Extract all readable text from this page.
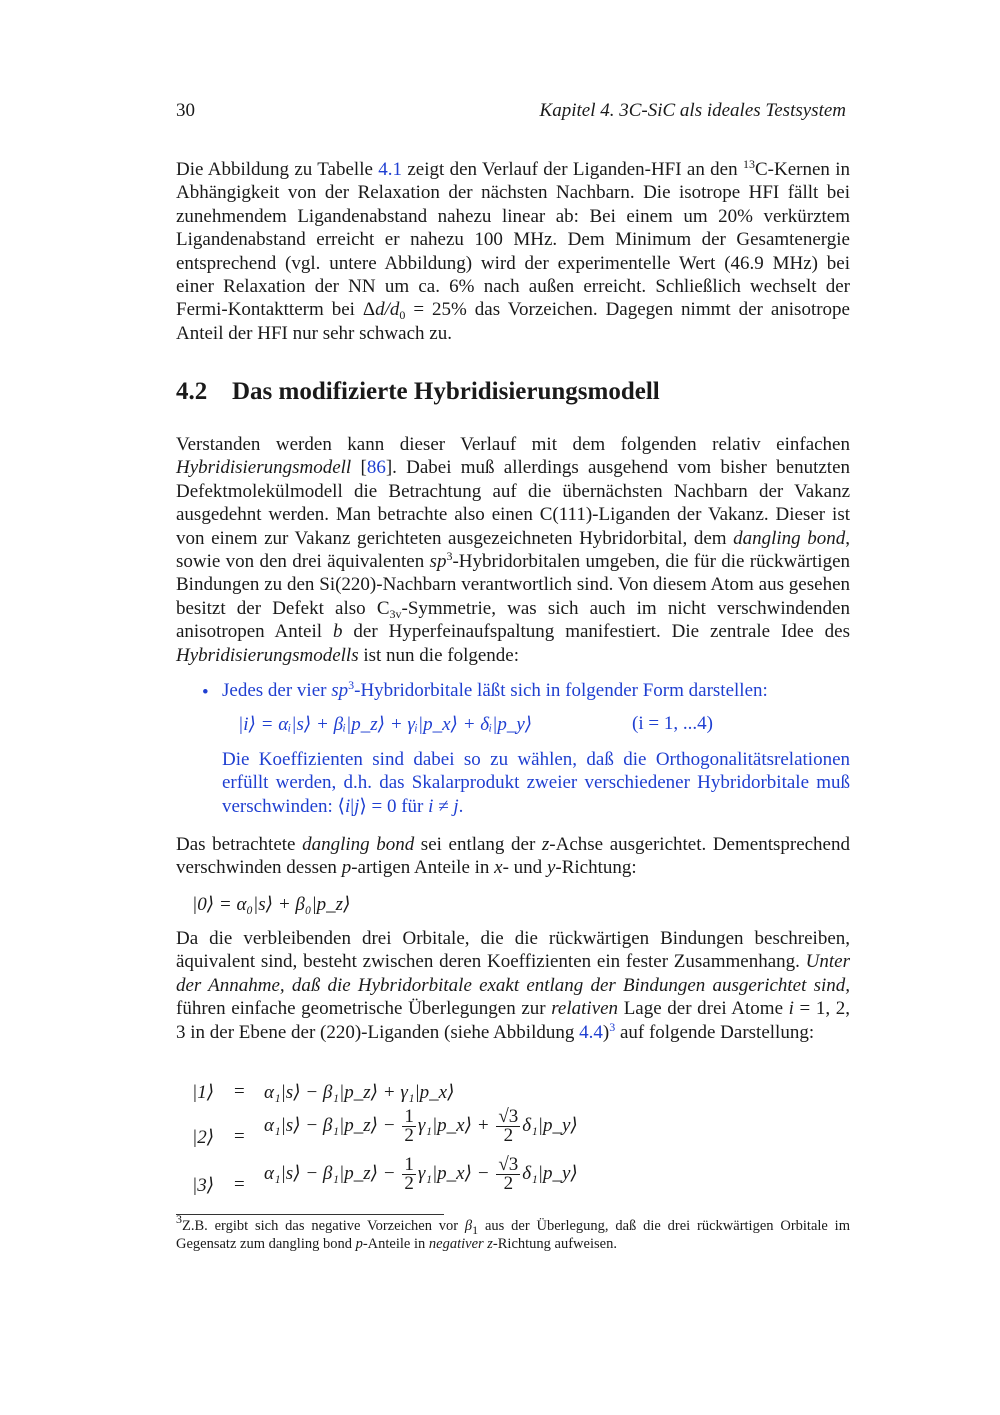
30	Kapitel 4. 3C-SiC als ideales Testsystem

Die Abbildung zu Tabelle 4.1 zeigt den Verlauf der Liganden-HFI an den $^{13}$C-Kernen in Abhängigkeit von der Relaxation der nächsten Nachbarn. Die isotrope HFI fällt bei zunehmendem Ligandenabstand nahezu linear ab: Bei einem um 20% verkürztem Ligandenabstand erreicht er nahezu 100 MHz. Dem Minimum der Gesamtenergie entsprechend (vgl. untere Abbildung) wird der experimentelle Wert (46.9 MHz) bei einer Relaxation der NN um ca. 6% nach außen erreicht. Schließlich wechselt der Fermi-Kontaktterm bei $\Delta d/d_0 = 25\%$ das Vorzeichen. Dagegen nimmt der anisotrope Anteil der HFI nur sehr schwach zu.

4.2 Das modifizierte Hybridisierungsmodell

Verstanden werden kann dieser Verlauf mit dem folgenden relativ einfachen Hybridisierungsmodell [86]. Dabei muß allerdings ausgehend vom bisher benutzten Defektmolekülmodell die Betrachtung auf die übernächsten Nachbarn der Vakanz ausgedehnt werden. Man betrachte also einen C(111)-Liganden der Vakanz. Dieser ist von einem zur Vakanz gerichteten ausgezeichneten Hybridorbital, dem dangling bond, sowie von den drei äquivalenten $sp^3$-Hybridorbitalen umgeben, die für die rückwärtigen Bindungen zu den Si(220)-Nachbarn verantwortlich sind. Von diesem Atom aus gesehen besitzt der Defekt also $C_{3v}$-Symmetrie, was sich auch im nicht verschwindenden anisotropen Anteil b der Hyperfeinaufspaltung manifestiert. Die zentrale Idee des Hybridisierungsmodells ist nun die folgende:

• Jedes der vier $sp^3$-Hybridorbitale läßt sich in folgender Form darstellen:
|i⟩ = αᵢ|s⟩ + βᵢ|p_z⟩ + γᵢ|p_x⟩ + δᵢ|p_y⟩	(i = 1, ...4)

Die Koeffizienten sind dabei so zu wählen, daß die Orthogonalitätsrelationen erfüllt werden, d.h. das Skalarprodukt zweier verschiedener Hybridorbitale muß verschwinden: ⟨i|j⟩ = 0 für i ≠ j.

Das betrachtete dangling bond sei entlang der z-Achse ausgerichtet. Dementsprechend verschwinden dessen p-artigen Anteile in x- und y-Richtung:

|0⟩ = α₀|s⟩ + β₀|p_z⟩

Da die verbleibenden drei Orbitale, die die rückwärtigen Bindungen beschreiben, äquivalent sind, besteht zwischen deren Koeffizienten ein fester Zusammenhang. Unter der Annahme, daß die Hybridorbitale exakt entlang der Bindungen ausgerichtet sind, führen einfache geometrische Überlegungen zur relativen Lage der drei Atome i = 1, 2, 3 in der Ebene der (220)-Liganden (siehe Abbildung 4.4)$^3$ auf folgende Darstellung:

|1⟩ = α₁|s⟩ − β₁|p_z⟩ + γ₁|p_x⟩
|2⟩ =
α₁|s⟩ − β₁|p_z⟩ − $\frac{1}{2}$ γ₁|p_x⟩ + $\frac{√3}{2}$ δ₁|p_y⟩
|3⟩ =
α₁|s⟩ − β₁|p_z⟩ − $\frac{1}{2}$ γ₁|p_x⟩ − $\frac{√3}{2}$ δ₁|p_y⟩
$^3$Z.B. ergibt sich das negative Vorzeichen vor $\beta_1$ aus der Überlegung, daß die drei rückwärtigen Orbitale im Gegensatz zum dangling bond p-Anteile in negativer z-Richtung aufweisen.
